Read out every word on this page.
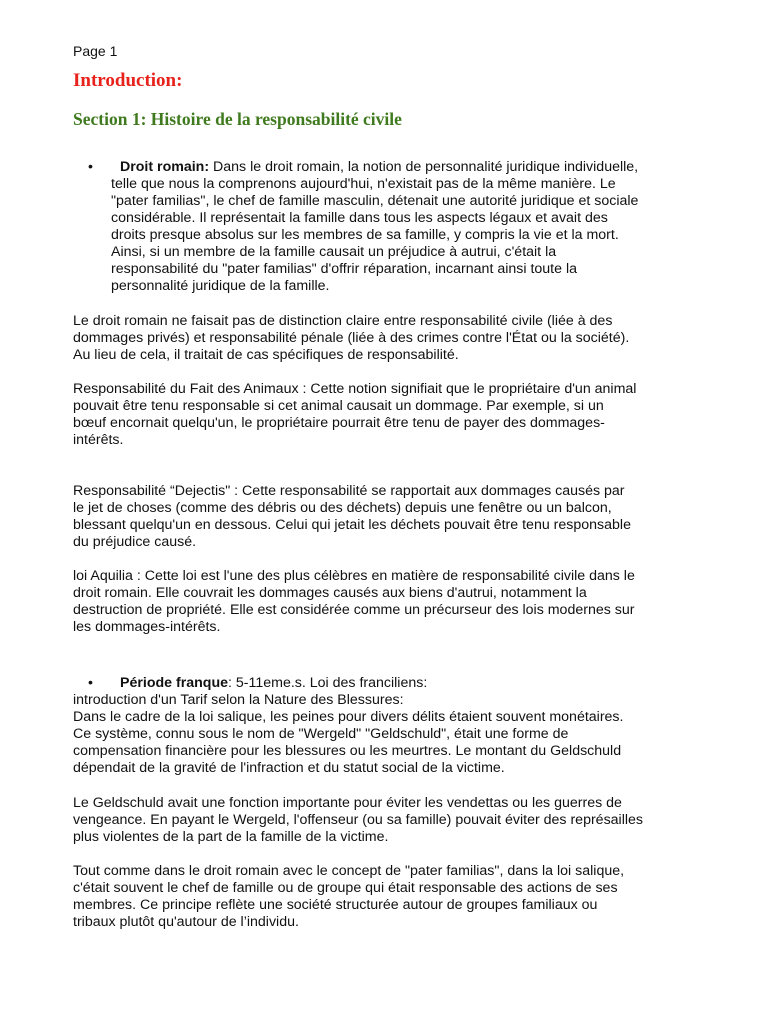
Page 1
Introduction:
Section 1: Histoire de la responsabilité civile
• Droit romain: Dans le droit romain, la notion de personnalité juridique individuelle,
telle que nous la comprenons aujourd'hui, n'existait pas de la même manière. Le
"pater familias", le chef de famille masculin, détenait une autorité juridique et sociale
considérable. Il représentait la famille dans tous les aspects légaux et avait des
droits presque absolus sur les membres de sa famille, y compris la vie et la mort.
Ainsi, si un membre de la famille causait un préjudice à autrui, c'était la
responsabilité du "pater familias" d'offrir réparation, incarnant ainsi toute la
personnalité juridique de la famille.
Le droit romain ne faisait pas de distinction claire entre responsabilité civile (liée à des
dommages privés) et responsabilité pénale (liée à des crimes contre l'État ou la société).
Au lieu de cela, il traitait de cas spécifiques de responsabilité.
Responsabilité du Fait des Animaux : Cette notion signifiait que le propriétaire d'un animal
pouvait être tenu responsable si cet animal causait un dommage. Par exemple, si un
bœuf encornait quelqu'un, le propriétaire pourrait être tenu de payer des dommages-
intérêts.
Responsabilité “Dejectis" : Cette responsabilité se rapportait aux dommages causés par
le jet de choses (comme des débris ou des déchets) depuis une fenêtre ou un balcon,
blessant quelqu'un en dessous. Celui qui jetait les déchets pouvait être tenu responsable
du préjudice causé.
loi Aquilia : Cette loi est l'une des plus célèbres en matière de responsabilité civile dans le
droit romain. Elle couvrait les dommages causés aux biens d'autrui, notamment la
destruction de propriété. Elle est considérée comme un précurseur des lois modernes sur
les dommages-intérêts.
• Période franque: 5-11eme.s. Loi des franciliens:
introduction d'un Tarif selon la Nature des Blessures:
Dans le cadre de la loi salique, les peines pour divers délits étaient souvent monétaires.
Ce système, connu sous le nom de "Wergeld" "Geldschuld", était une forme de
compensation financière pour les blessures ou les meurtres. Le montant du Geldschuld
dépendait de la gravité de l'infraction et du statut social de la victime.
Le Geldschuld avait une fonction importante pour éviter les vendettas ou les guerres de
vengeance. En payant le Wergeld, l'offenseur (ou sa famille) pouvait éviter des représailles
plus violentes de la part de la famille de la victime.
Tout comme dans le droit romain avec le concept de "pater familias", dans la loi salique,
c'était souvent le chef de famille ou de groupe qui était responsable des actions de ses
membres. Ce principe reflète une société structurée autour de groupes familiaux ou
tribaux plutôt qu'autour de l’individu.
